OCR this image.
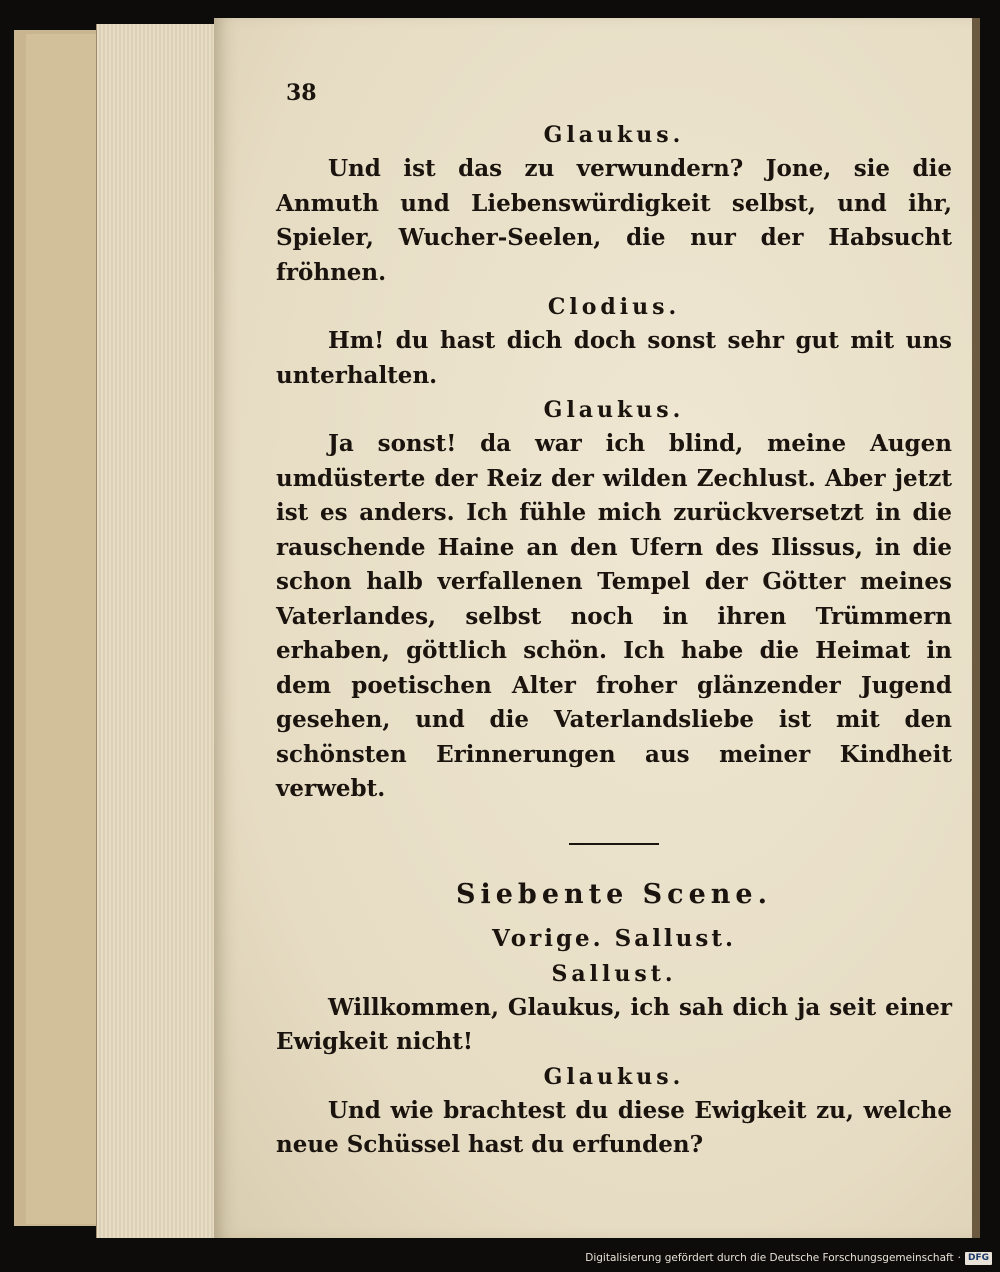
38
Glaukus.

Und ist das zu verwundern? Jone, sie die Anmuth und Liebenswürdigkeit selbst, und ihr, Spieler, Wucher-Seelen, die nur der Habsucht fröhnen.

Clodius.

Hm! du hast dich doch sonst sehr gut mit uns unterhalten.

Glaukus.

Ja sonst! da war ich blind, meine Augen umdüsterte der Reiz der wilden Zechlust. Aber jetzt ist es anders. Ich fühle mich zurückversetzt in die rauschende Haine an den Ufern des Ilissus, in die schon halb verfallenen Tempel der Götter meines Vaterlandes, selbst noch in ihren Trümmern erhaben, göttlich schön. Ich habe die Heimat in dem poetischen Alter froher glänzender Jugend gesehen, und die Vaterlandsliebe ist mit den schönsten Erinnerungen aus meiner Kindheit verwebt.

Siebente Scene.
Vorige. Sallust.
Sallust.

Willkommen, Glaukus, ich sah dich ja seit einer Ewigkeit nicht!

Glaukus.

Und wie brachtest du diese Ewigkeit zu, welche neue Schüssel hast du erfunden?

Digitalisierung gefördert durch die Deutsche Forschungsgemeinschaft · DFG
